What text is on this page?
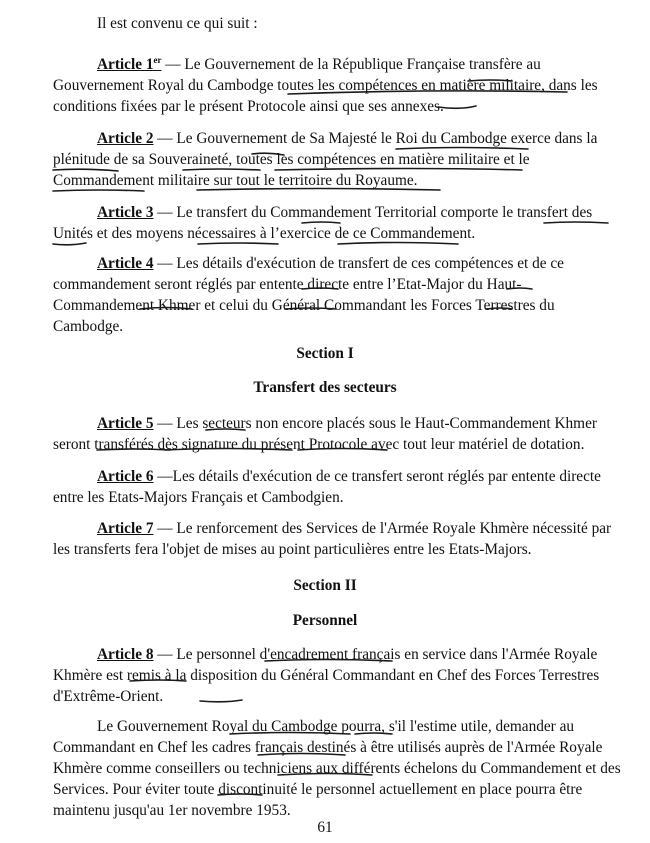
Il est convenu ce qui suit :

Article 1er — Le Gouvernement de la République Française transfère au Gouvernement Royal du Cambodge toutes les compétences en matière militaire, dans les conditions fixées par le présent Protocole ainsi que ses annexes.

Article 2 — Le Gouvernement de Sa Majesté le Roi du Cambodge exerce dans la plénitude de sa Souveraineté, toutes les compétences en matière militaire et le Commandement militaire sur tout le territoire du Royaume.

Article 3 — Le transfert du Commandement Territorial comporte le transfert des Unités et des moyens nécessaires à l’exercice de ce Commandement.

Article 4 — Les détails d'exécution de transfert de ces compétences et de ce commandement seront réglés par entente directe entre l’Etat-Major du Haut-Commandement Khmer et celui du Général Commandant les Forces Terrestres du Cambodge.

Section I

Transfert des secteurs

Article 5 — Les secteurs non encore placés sous le Haut-Commandement Khmer seront transférés dès signature du présent Protocole avec tout leur matériel de dotation.

Article 6 —Les détails d'exécution de ce transfert seront réglés par entente directe entre les Etats-Majors Français et Cambodgien.

Article 7 — Le renforcement des Services de l'Armée Royale Khmère nécessité par les transferts fera l'objet de mises au point particulières entre les Etats-Majors.

Section II

Personnel

Article 8 — Le personnel d'encadrement français en service dans l'Armée Royale Khmère est remis à la disposition du Général Commandant en Chef des Forces Terrestres d'Extrême-Orient.

Le Gouvernement Royal du Cambodge pourra, s'il l'estime utile, demander au Commandant en Chef les cadres français destinés à être utilisés auprès de l'Armée Royale Khmère comme conseillers ou techniciens aux différents échelons du Commandement et des Services. Pour éviter toute discontinuité le personnel actuellement en place pourra être maintenu jusqu'au 1er novembre 1953.

61
